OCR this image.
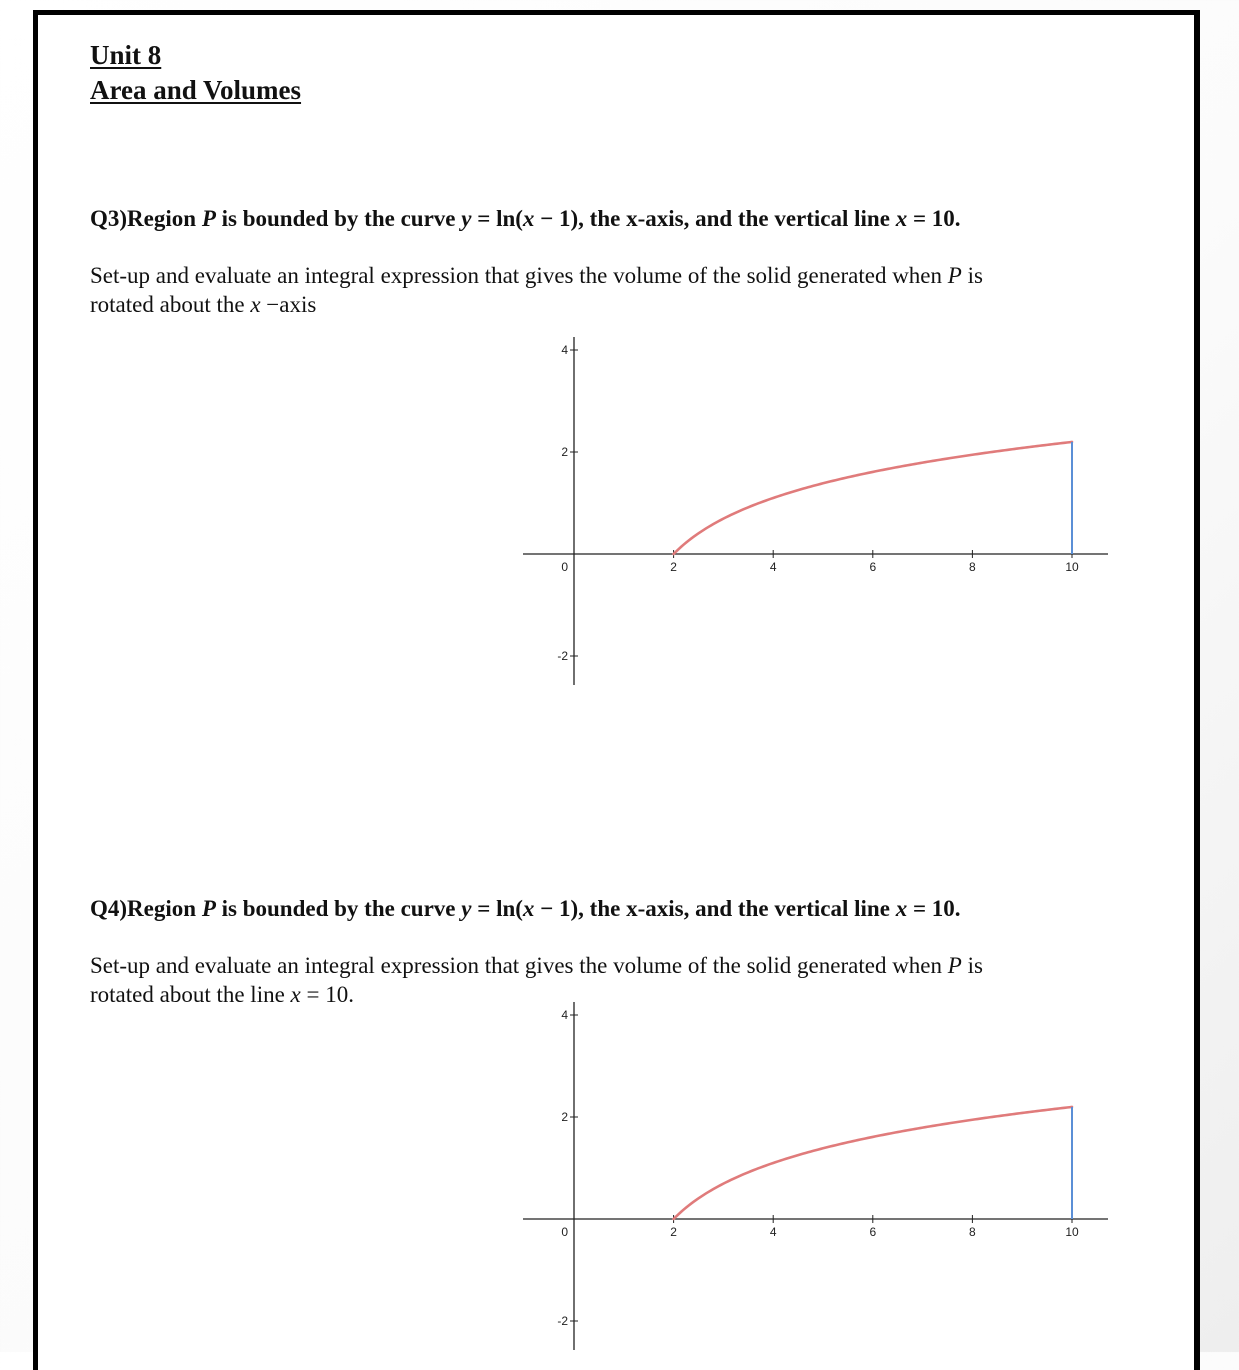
Unit 8

Area and Volumes

Q3)Region P is bounded by the curve y = ln(x − 1), the x-axis, and the vertical line x = 10.

Set-up and evaluate an integral expression that gives the volume of the solid generated when P is
rotated about the x −axis
2	4	6	8	10
4
2
0
-2

Q4)Region P is bounded by the curve y = ln(x − 1), the x-axis, and the vertical line x = 10.

Set-up and evaluate an integral expression that gives the volume of the solid generated when P is
rotated about the line x = 10.
2	4	6	8	10
4
2
0
-2
